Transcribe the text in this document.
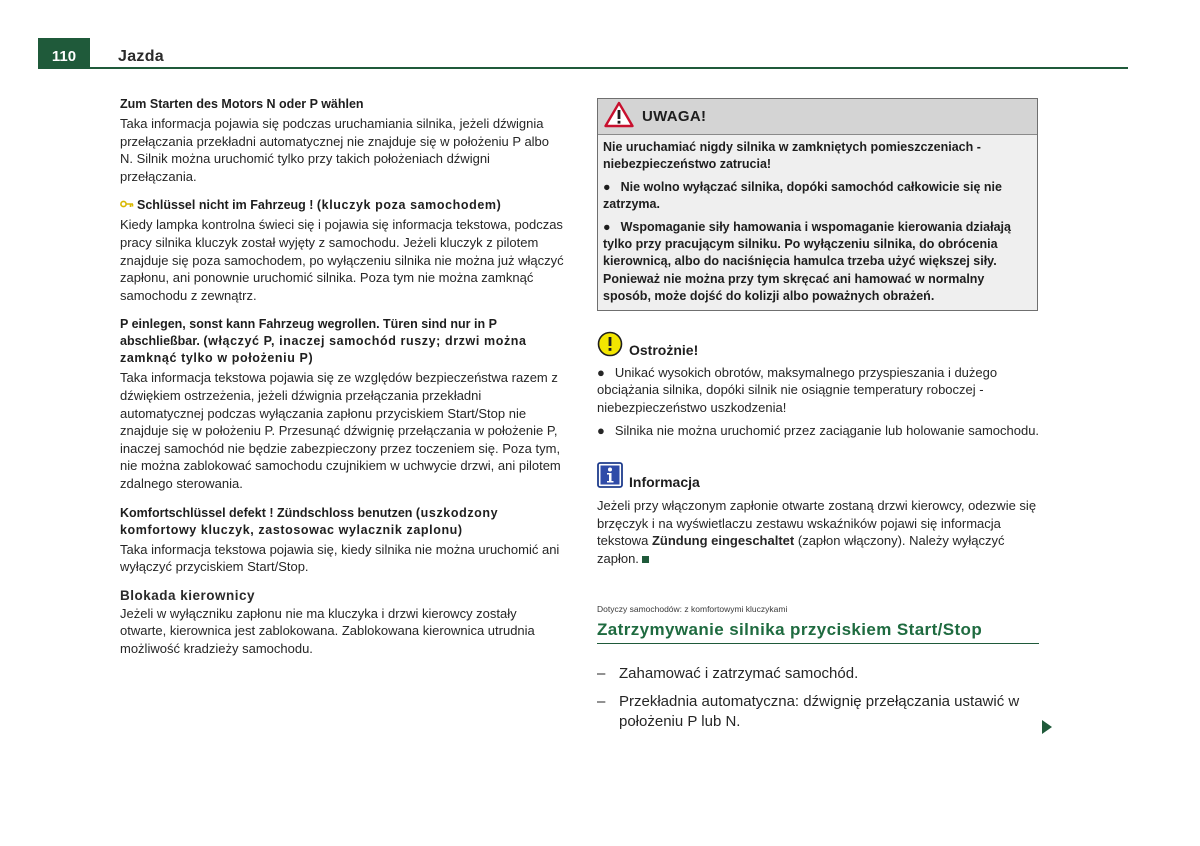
110	Jazda

Zum Starten des Motors N oder P wählen

Taka informacja pojawia się podczas uruchamiania silnika, jeżeli dźwignia przełączania przekładni automatycznej nie znajduje się w położeniu P albo N. Silnik można uruchomić tylko przy takich położeniach dźwigni przełączania.

Schlüssel nicht im Fahrzeug ! (kluczyk poza samochodem)

Kiedy lampka kontrolna świeci się i pojawia się informacja tekstowa, podczas pracy silnika kluczyk został wyjęty z samochodu. Jeżeli kluczyk z pilotem znajduje się poza samochodem, po wyłączeniu silnika nie można już włączyć zapłonu, ani ponownie uruchomić silnika. Poza tym nie można zamknąć samochodu z zewnątrz.

P einlegen, sonst kann Fahrzeug wegrollen. Türen sind nur in P abschließbar. (włączyć P, inaczej samochód ruszy; drzwi można zamknąć tylko w położeniu P)

Taka informacja tekstowa pojawia się ze względów bezpieczeństwa razem z dźwiękiem ostrzeżenia, jeżeli dźwignia przełączania przekładni automatycznej podczas wyłączania zapłonu przyciskiem Start/Stop nie znajduje się w położeniu P. Przesunąć dźwignię przełączania w położenie P, inaczej samochód nie będzie zabezpieczony przez toczeniem się. Poza tym, nie można zablokować samochodu czujnikiem w uchwycie drzwi, ani pilotem zdalnego sterowania.

Komfortschlüssel defekt ! Zündschloss benutzen (uszkodzony komfortowy kluczyk, zastosowac wylacznik zaplonu)

Taka informacja tekstowa pojawia się, kiedy silnika nie można uruchomić ani wyłączyć przyciskiem Start/Stop.

Blokada kierownicy

Jeżeli w wyłączniku zapłonu nie ma kluczyka i drzwi kierowcy zostały otwarte, kierownica jest zablokowana. Zablokowana kierownica utrudnia możliwość kradzieży samochodu.

UWAGA!

Nie uruchamiać nigdy silnika w zamkniętych pomieszczeniach - niebezpieczeństwo zatrucia!

● Nie wolno wyłączać silnika, dopóki samochód całkowicie się nie zatrzyma.

● Wspomaganie siły hamowania i wspomaganie kierowania działają tylko przy pracującym silniku. Po wyłączeniu silnika, do obrócenia kierownicą, albo do naciśnięcia hamulca trzeba użyć większej siły. Ponieważ nie można przy tym skręcać ani hamować w normalny sposób, może dojść do kolizji albo poważnych obrażeń.

Ostrożnie!

● Unikać wysokich obrotów, maksymalnego przyspieszania i dużego obciążania silnika, dopóki silnik nie osiągnie temperatury roboczej - niebezpieczeństwo uszkodzenia!

● Silnika nie można uruchomić przez zaciąganie lub holowanie samochodu.

Informacja

Jeżeli przy włączonym zapłonie otwarte zostaną drzwi kierowcy, odezwie się brzęczyk i na wyświetlaczu zestawu wskaźników pojawi się informacja tekstowa Zündung eingeschaltet (zapłon włączony). Należy wyłączyć zapłon.

Dotyczy samochodów: z komfortowymi kluczykami
Zatrzymywanie silnika przyciskiem Start/Stop
– Zahamować i zatrzymać samochód.
– Przekładnia automatyczna: dźwignię przełączania ustawić w położeniu P lub N.
